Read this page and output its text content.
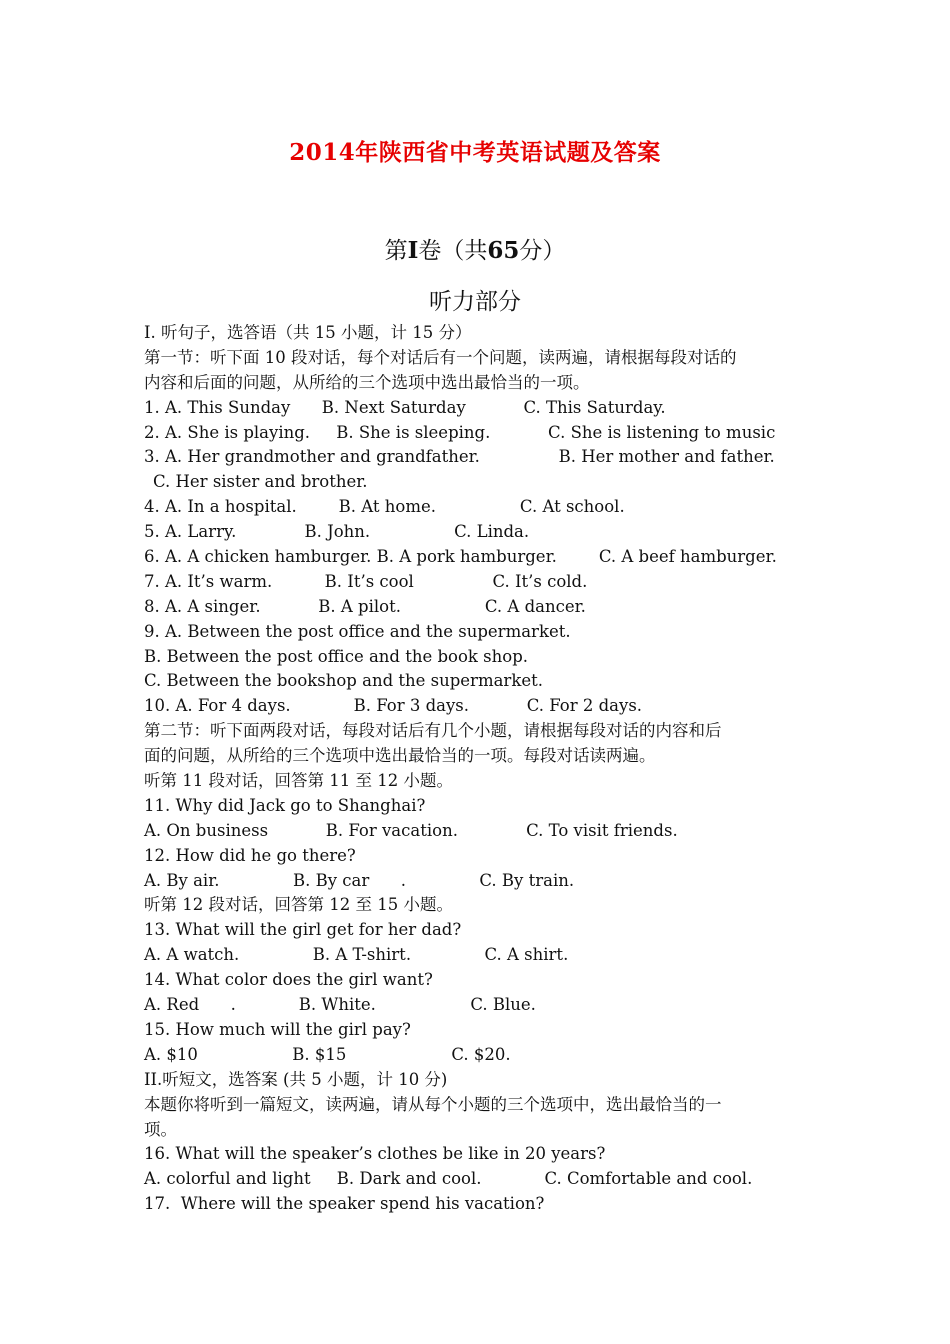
2014年陕西省中考英语试题及答案
第I卷（共65分）
听力部分
I. 听句子，选答语（共 15 小题，计 15 分）
第一节：听下面 10 段对话，每个对话后有一个问题，读两遍，请根据每段对话的
内容和后面的问题，从所给的三个选项中选出最恰当的一项。
1. A. This Sunday      B. Next Saturday           C. This Saturday.
2. A. She is playing.     B. She is sleeping.           C. She is listening to music
3. A. Her grandmother and grandfather.               B. Her mother and father.
C. Her sister and brother.
4. A. In a hospital.        B. At home.                C. At school.
5. A. Larry.             B. John.                C. Linda.
6. A. A chicken hamburger. B. A pork hamburger.        C. A beef hamburger.
7. A. It’s warm.          B. It’s cool               C. It’s cold.
8. A. A singer.           B. A pilot.                C. A dancer.
9. A. Between the post office and the supermarket.
B. Between the post office and the book shop.
C. Between the bookshop and the supermarket.
10. A. For 4 days.            B. For 3 days.           C. For 2 days.
第二节：听下面两段对话，每段对话后有几个小题，请根据每段对话的内容和后
面的问题，从所给的三个选项中选出最恰当的一项。每段对话读两遍。
听第 11 段对话，回答第 11 至 12 小题。
11. Why did Jack go to Shanghai?
A. On business           B. For vacation.             C. To visit friends.
12. How did he go there?
A. By air.              B. By car      .              C. By train.
听第 12 段对话，回答第 12 至 15 小题。
13. What will the girl get for her dad?
A. A watch.              B. A T-shirt.              C. A shirt.
14. What color does the girl want?
A. Red      .            B. White.                  C. Blue.
15. How much will the girl pay?
A. $10                  B. $15                    C. $20.
II.听短文，选答案 (共 5 小题，计 10 分)
本题你将听到一篇短文，读两遍，请从每个小题的三个选项中，选出最恰当的一
项。
16. What will the speaker’s clothes be like in 20 years?
A. colorful and light     B. Dark and cool.            C. Comfortable and cool.
17.  Where will the speaker spend his vacation?
